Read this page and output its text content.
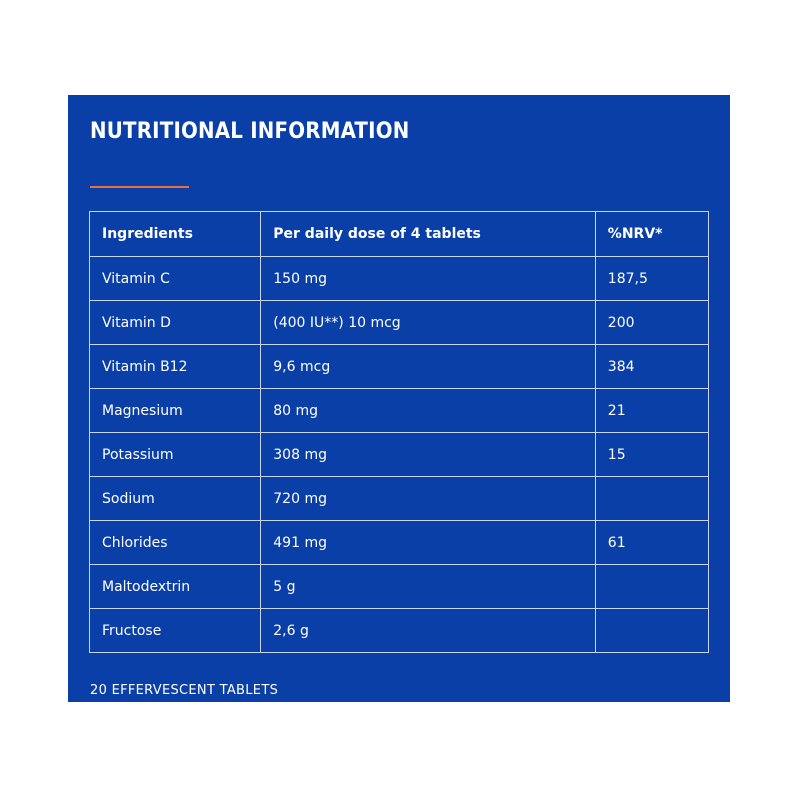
NUTRITIONAL INFORMATION
Ingredients	Per daily dose of 4 tablets	%NRV*
Vitamin C	150 mg	187,5
Vitamin D	(400 IU**) 10 mcg	200
Vitamin B12	9,6 mcg	384
Magnesium	80 mg	21
Potassium	308 mg	15
Sodium	720 mg	
Chlorides	491 mg	61
Maltodextrin	5 g	
Fructose	2,6 g	

20 EFFERVESCENT TABLETS
